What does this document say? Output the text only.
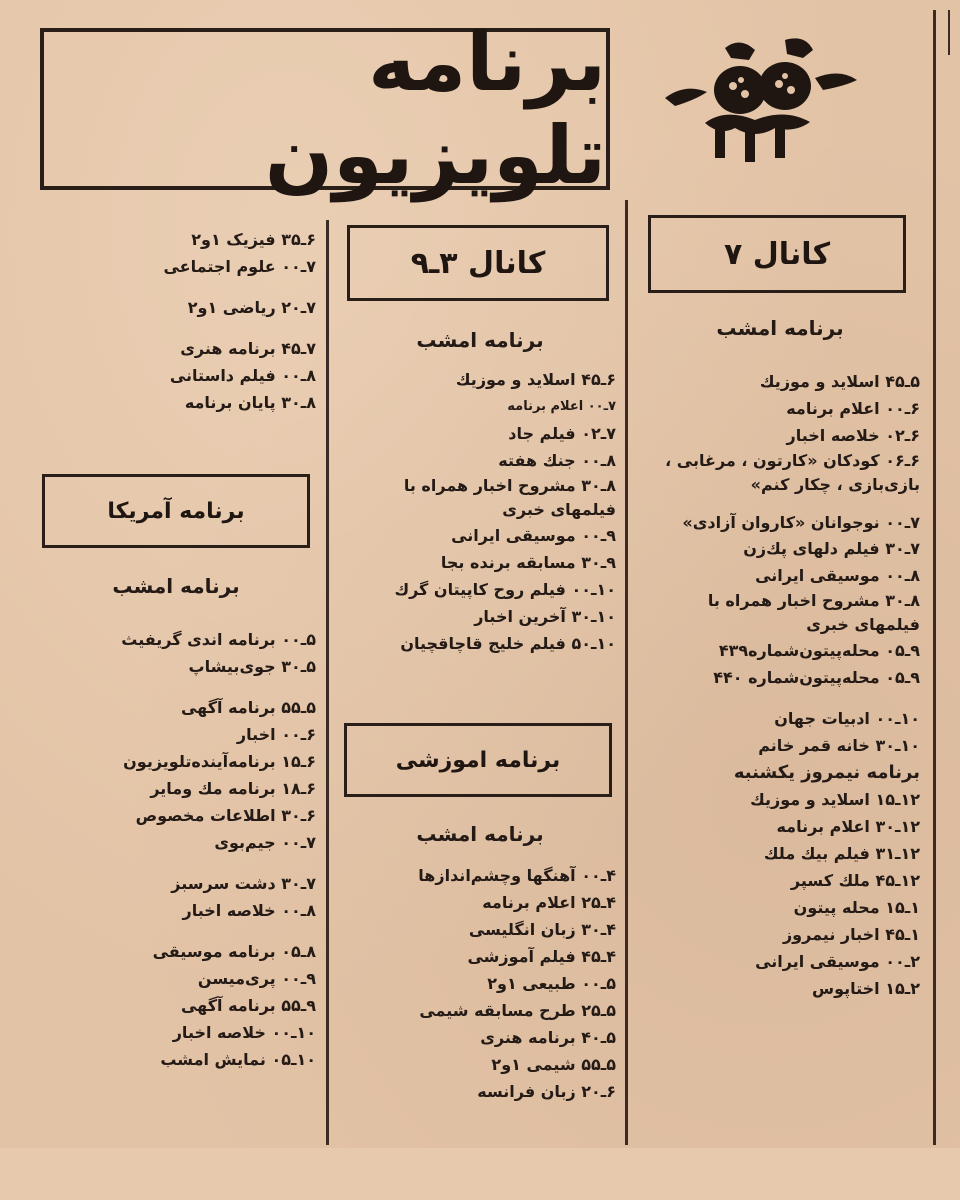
برنامه تلویزیون
کانال ۷
برنامه امشب
۵ـ۴۵ اسلاید و موزیك
۶ـ۰۰ اعلام برنامه
۶ـ۰۲ خلاصه اخبار
۶ـ۰۶ کودکان «کارتون ، مرغابی ، بازی‌بازی ، چکار کنم»
۷ـ۰۰ نوجوانان «کاروان آزادی»
۷ـ۳۰ فیلم دلهای پك‌زن
۸ـ۰۰ موسیقی ایرانی
۸ـ۳۰ مشروح اخبار همراه با فیلمهای خبری
۹ـ۰۵ محله‌پیتون‌شماره۴۳۹
۹ـ۰۵ محله‌پیتون‌شماره ۴۴۰
۱۰ـ۰۰ ادبیات جهان
۱۰ـ۳۰ خانه قمر خانم
برنامه نیمروز یکشنبه
۱۲ـ۱۵ اسلاید و موزیك
۱۲ـ۳۰ اعلام برنامه
۱۲ـ۳۱ فیلم بیك ملك
۱۲ـ۴۵ ملك کسپر
۱ـ۱۵ محله پیتون
۱ـ۴۵ اخبار نیمروز
۲ـ۰۰ موسیقی ایرانی
۲ـ۱۵ اختاپوس
کانال ۳ـ۹
برنامه امشب
۶ـ۴۵ اسلاید و موزیك
۷ـ۰۰ اعلام برنامه
۷ـ۰۲ فیلم جاد
۸ـ۰۰ جنك هفته
۸ـ۳۰ مشروح اخبار همراه با فیلمهای خبری
۹ـ۰۰ موسیقی ایرانی
۹ـ۳۰ مسابقه برنده بجا
۱۰ـ۰۰ فیلم روح کاپیتان گرك
۱۰ـ۳۰ آخرین اخبار
۱۰ـ۵۰ فیلم خلیج قاچاقچیان
برنامه اموزشی
برنامه امشب
۴ـ۰۰ آهنگها وچشم‌اندازها
۴ـ۲۵ اعلام برنامه
۴ـ۳۰ زبان انگلیسی
۴ـ۴۵ فیلم آموزشی
۵ـ۰۰ طبیعی ۱و۲
۵ـ۲۵ طرح مسابقه شیمی
۵ـ۴۰ برنامه هنری
۵ـ۵۵ شیمی ۱و۲
۶ـ۲۰ زبان فرانسه
۶ـ۳۵ فیزیک ۱و۲
۷ـ۰۰ علوم اجتماعی
۷ـ۲۰ ریاضی ۱و۲
۷ـ۴۵ برنامه هنری
۸ـ۰۰ فیلم داستانی
۸ـ۳۰ پایان برنامه
برنامه آمریکا
برنامه امشب
۵ـ۰۰ برنامه اندی گریفیث
۵ـ۳۰ جوی‌بیشاپ
۵ـ۵۵ برنامه آگهی
۶ـ۰۰ اخبار
۶ـ۱۵ برنامه‌آینده‌تلویزیون
۶ـ۱۸ برنامه مك ومایر
۶ـ۳۰ اطلاعات مخصوص
۷ـ۰۰ جیم‌بوی
۷ـ۳۰ دشت سرسبز
۸ـ۰۰ خلاصه اخبار
۸ـ۰۵ برنامه موسیقی
۹ـ۰۰ پری‌میسن
۹ـ۵۵ برنامه آگهی
۱۰ـ۰۰ خلاصه اخبار
۱۰ـ۰۵ نمایش امشب
